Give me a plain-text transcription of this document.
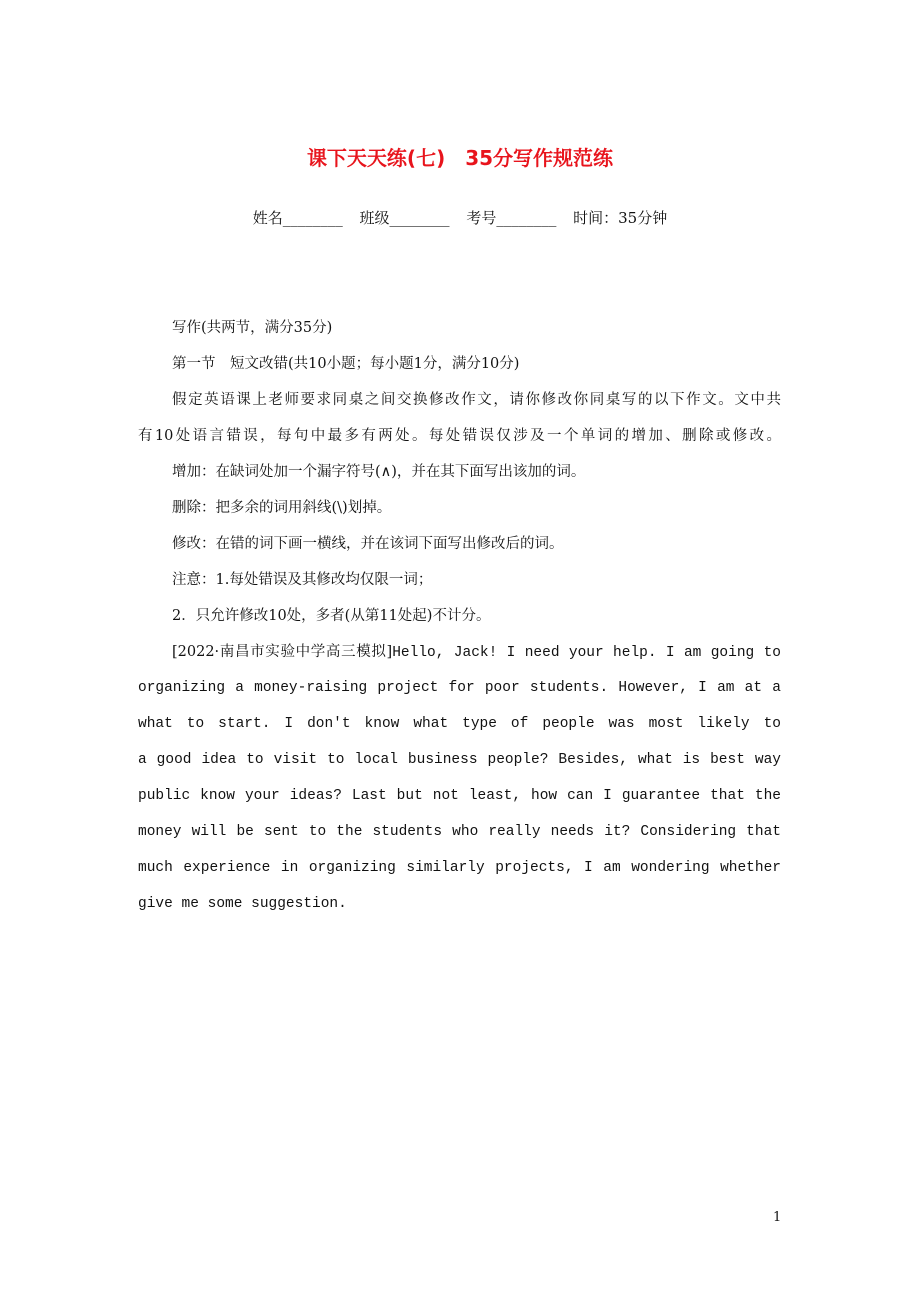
课下天天练(七)　35分写作规范练
姓名________ 班级________ 考号________ 时间：35分钟
写作(共两节，满分35分)
第一节　短文改错(共10小题；每小题1分，满分10分)
假定英语课上老师要求同桌之间交换修改作文，请你修改你同桌写的以下作文。文中共
有10处语言错误，每句中最多有两处。每处错误仅涉及一个单词的增加、删除或修改。
增加：在缺词处加一个漏字符号(∧)，并在其下面写出该加的词。
删除：把多余的词用斜线(\)划掉。
修改：在错的词下画一横线，并在该词下面写出修改后的词。
注意：1.每处错误及其修改均仅限一词；
2．只允许修改10处，多者(从第11处起)不计分。
[2022·南昌市实验中学高三模拟]Hello, Jack! I need your help. I am going to
organizing a money-raising project for poor students. However, I am at a
what to start. I don't know what type of people was most likely to
a good idea to visit to local business people? Besides, what is best way
public know your ideas? Last but not least, how can I guarantee that the
money will be sent to the students who really needs it? Considering that
much experience in organizing similarly projects, I am wondering whether
give me some suggestion.
1
